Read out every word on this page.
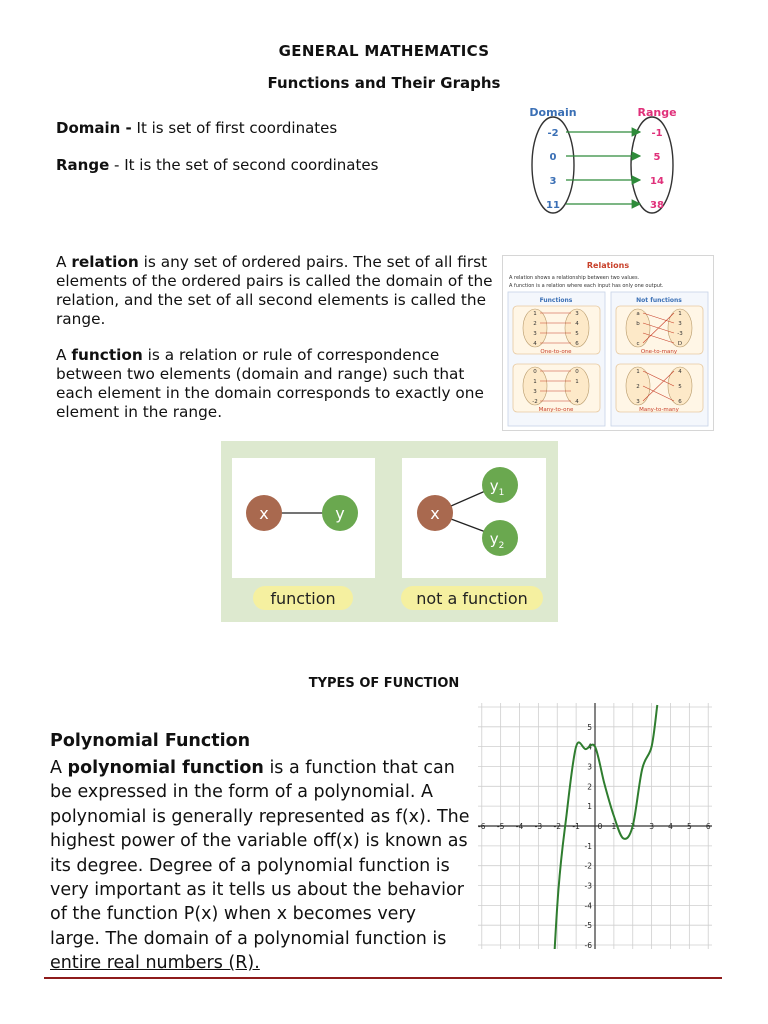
GENERAL MATHEMATICS
Functions and Their Graphs
Domain - It is set of first coordinates
Range - It is the set of second coordinates
Domain	Range
-2	-1
0	5
3	14
11	38
A relation is any set of ordered pairs. The set of all first elements of the ordered pairs is called the domain of the relation, and the set of all second elements is called the range.
A function is a relation or rule of correspondence between two elements (domain and range) such that each element in the domain corresponds to exactly one element in the range.
Relations
A relation shows a relationship between two values.
A function is a relation where each input has only one output.
Functions	Not functions
1
2
3
4
3
4
5
6
One-to-one
a
b
c
1
3
-3
D
One-to-many
0
1
3
-2
0
1
4
Many-to-one
1
2
3
4
5
6
Many-to-many
x	y	x
$y_1$
$y_2$
function	not a function
TYPES OF FUNCTION
Polynomial Function
A polynomial function is a function that can be expressed in the form of a polynomial. A polynomial is generally represented as f(x). The highest power of the variable off(x) is known as its degree. Degree of a polynomial function is very important as it tells us about the behavior of the function P(x) when x becomes very large. The domain of a polynomial function is entire real numbers (R).
-6 -5 -4 -3 -2 -1 0 1 2 3 4 5 6
5
4
3
2
1
-1
-2
-3
-4
-5
-6
